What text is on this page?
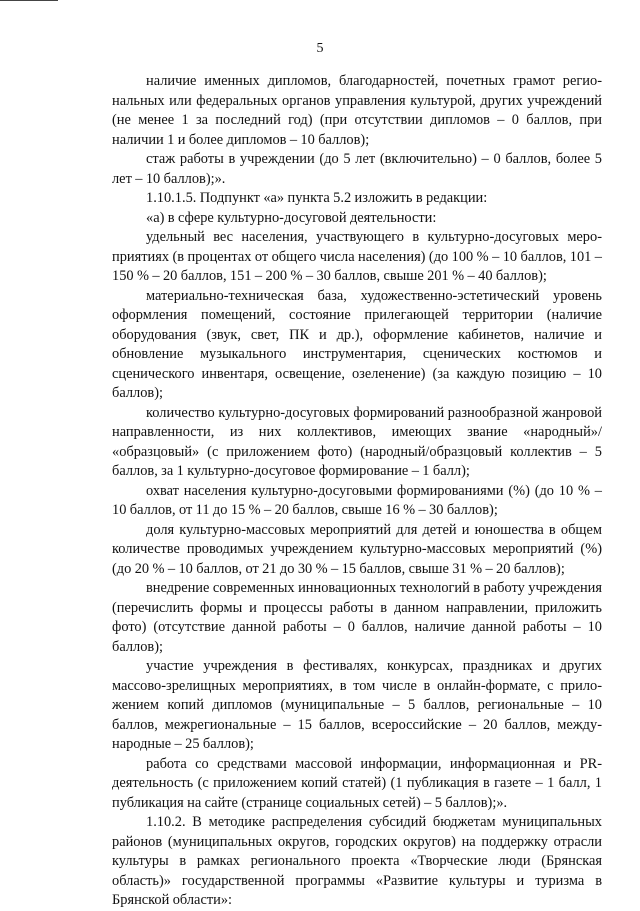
5

наличие именных дипломов, благодарностей, почетных грамот региональных или федеральных органов управления культурой, других учреждений (не менее 1 за последний год) (при отсутствии дипломов – 0 баллов, при наличии 1 и более дипломов – 10 баллов);

стаж работы в учреждении (до 5 лет (включительно) – 0 баллов, более 5 лет – 10 баллов);».

1.10.1.5. Подпункт «а» пункта 5.2 изложить в редакции:

«а) в сфере культурно-досуговой деятельности:

удельный вес населения, участвующего в культурно-досуговых мероприятиях (в процентах от общего числа населения) (до 100 % – 10 баллов, 101 – 150 % – 20 баллов, 151 – 200 % – 30 баллов, свыше 201 % – 40 баллов);

материально-техническая база, художественно-эстетический уровень оформления помещений, состояние прилегающей территории (наличие оборудования (звук, свет, ПК и др.), оформление кабинетов, наличие и обновление музыкального инструментария, сценических костюмов и сценического инвентаря, освещение, озеленение) (за каждую позицию – 10 баллов);

количество культурно-досуговых формирований разнообразной жанровой направленности, из них коллективов, имеющих звание «народный»/ «образцовый» (с приложением фото) (народный/образцовый коллектив – 5 баллов, за 1 культурно-досуговое формирование – 1 балл);

охват населения культурно-досуговыми формированиями (%) (до 10 % –10 баллов, от 11 до 15 % – 20 баллов, свыше 16 % – 30 баллов);

доля культурно-массовых мероприятий для детей и юношества в общем количестве проводимых учреждением культурно-массовых мероприятий (%) (до 20 % – 10 баллов, от 21 до 30 % – 15 баллов, свыше 31 % – 20 баллов);

внедрение современных инновационных технологий в работу учреждения (перечислить формы и процессы работы в данном направлении, приложить фото) (отсутствие данной работы – 0 баллов, наличие данной работы – 10 баллов);

участие учреждения в фестивалях, конкурсах, праздниках и других массово-зрелищных мероприятиях, в том числе в онлайн-формате, с приложением копий дипломов (муниципальные – 5 баллов, региональные – 10 баллов, межрегиональные – 15 баллов, всероссийские – 20 баллов, международные – 25 баллов);

работа со средствами массовой информации, информационная и PR-деятельность (с приложением копий статей) (1 публикация в газете – 1 балл, 1 публикация на сайте (странице социальных сетей) – 5 баллов);».

1.10.2. В методике распределения субсидий бюджетам муниципальных районов (муниципальных округов, городских округов) на поддержку отрасли культуры в рамках регионального проекта «Творческие люди (Брянская область)» государственной программы «Развитие культуры и туризма в Брянской области»:
